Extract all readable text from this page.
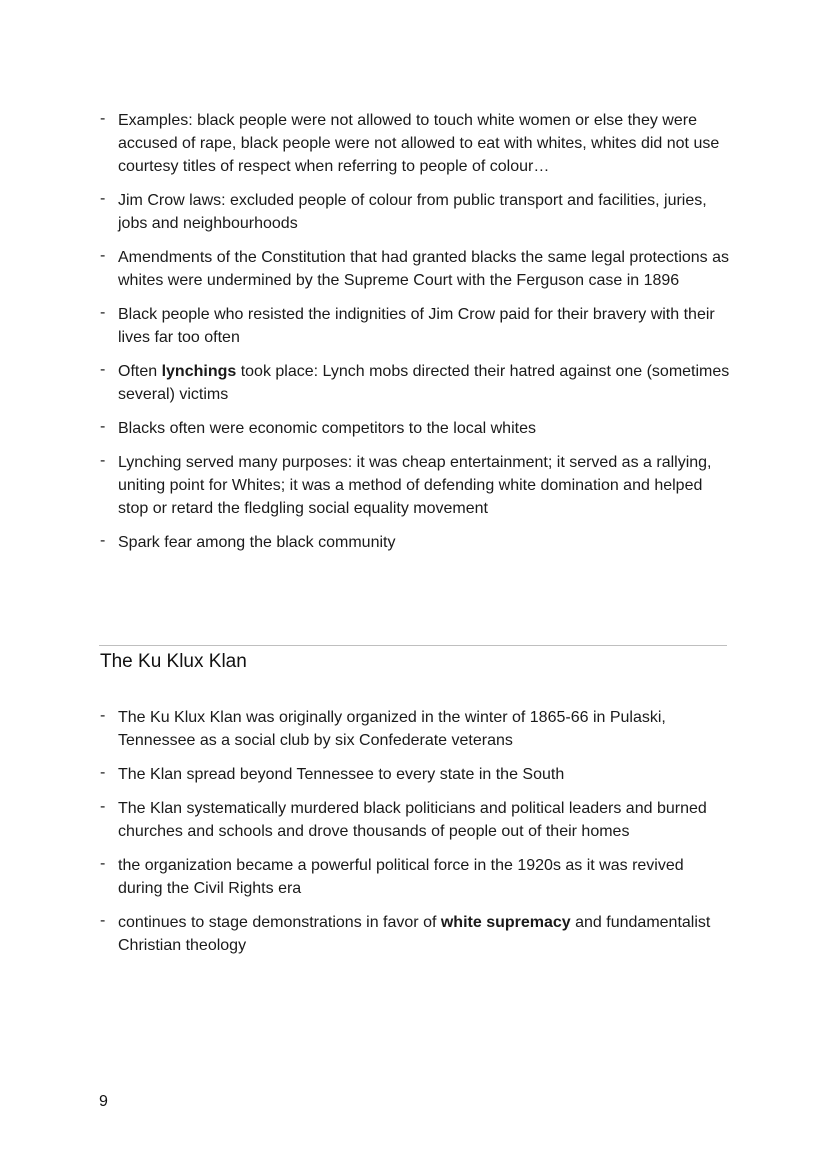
- Examples: black people were not allowed to touch white women or else they were accused of rape, black people were not allowed to eat with whites, whites did not use courtesy titles of respect when referring to people of colour…
- Jim Crow laws: excluded people of colour from public transport and facilities, juries, jobs and neighbourhoods
- Amendments of the Constitution that had granted blacks the same legal protections as whites were undermined by the Supreme Court with the Ferguson case in 1896
- Black people who resisted the indignities of Jim Crow paid for their bravery with their lives far too often
- Often lynchings took place: Lynch mobs directed their hatred against one (sometimes several) victims
- Blacks often were economic competitors to the local whites
- Lynching served many purposes: it was cheap entertainment; it served as a rallying, uniting point for Whites; it was a method of defending white domination and helped stop or retard the fledgling social equality movement
- Spark fear among the black community
The Ku Klux Klan
- The Ku Klux Klan was originally organized in the winter of 1865-66 in Pulaski, Tennessee as a social club by six Confederate veterans
- The Klan spread beyond Tennessee to every state in the South
- The Klan systematically murdered black politicians and political leaders and burned churches and schools and drove thousands of people out of their homes
- the organization became a powerful political force in the 1920s as it was revived during the Civil Rights era
- continues to stage demonstrations in favor of white supremacy and fundamentalist Christian theology
9
